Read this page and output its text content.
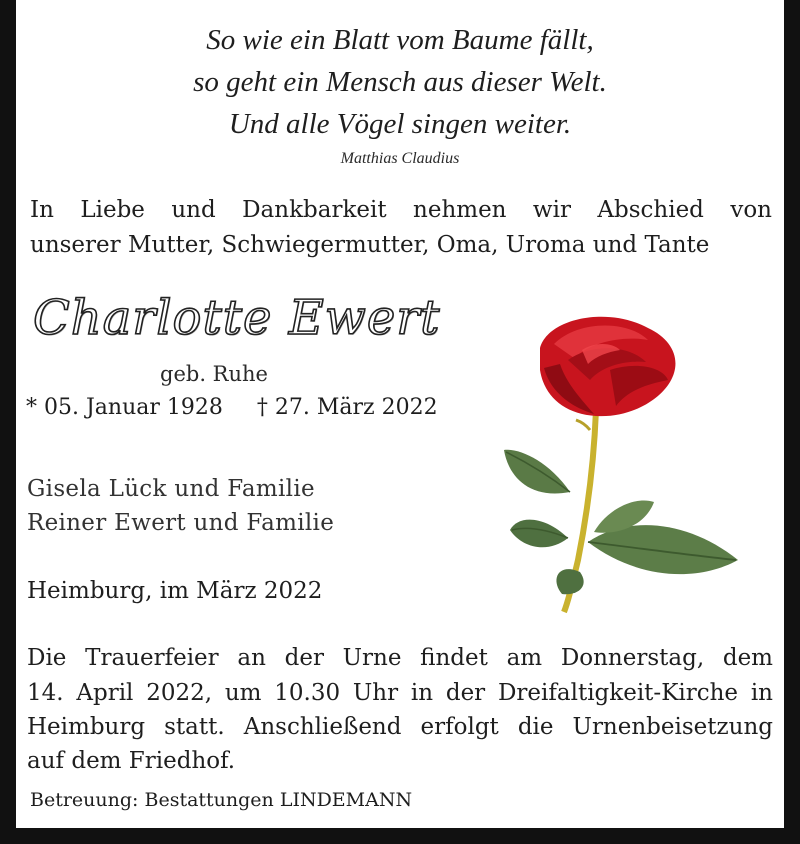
So wie ein Blatt vom Baume fällt,
so geht ein Mensch aus dieser Welt.
Und alle Vögel singen weiter.
Matthias Claudius
In Liebe und Dankbarkeit nehmen wir Abschied von
unserer Mutter, Schwiegermutter, Oma, Uroma und Tante
Charlotte Ewert
geb. Ruhe
* 05. Januar 1928 † 27. März 2022
Gisela Lück und Familie
Reiner Ewert und Familie
Heimburg, im März 2022
Die Trauerfeier an der Urne findet am Donnerstag, dem
14. April 2022, um 10.30 Uhr in der Dreifaltigkeit-Kirche in
Heimburg statt. Anschließend erfolgt die Urnenbeisetzung
auf dem Friedhof.
Betreuung: Bestattungen LINDEMANN
